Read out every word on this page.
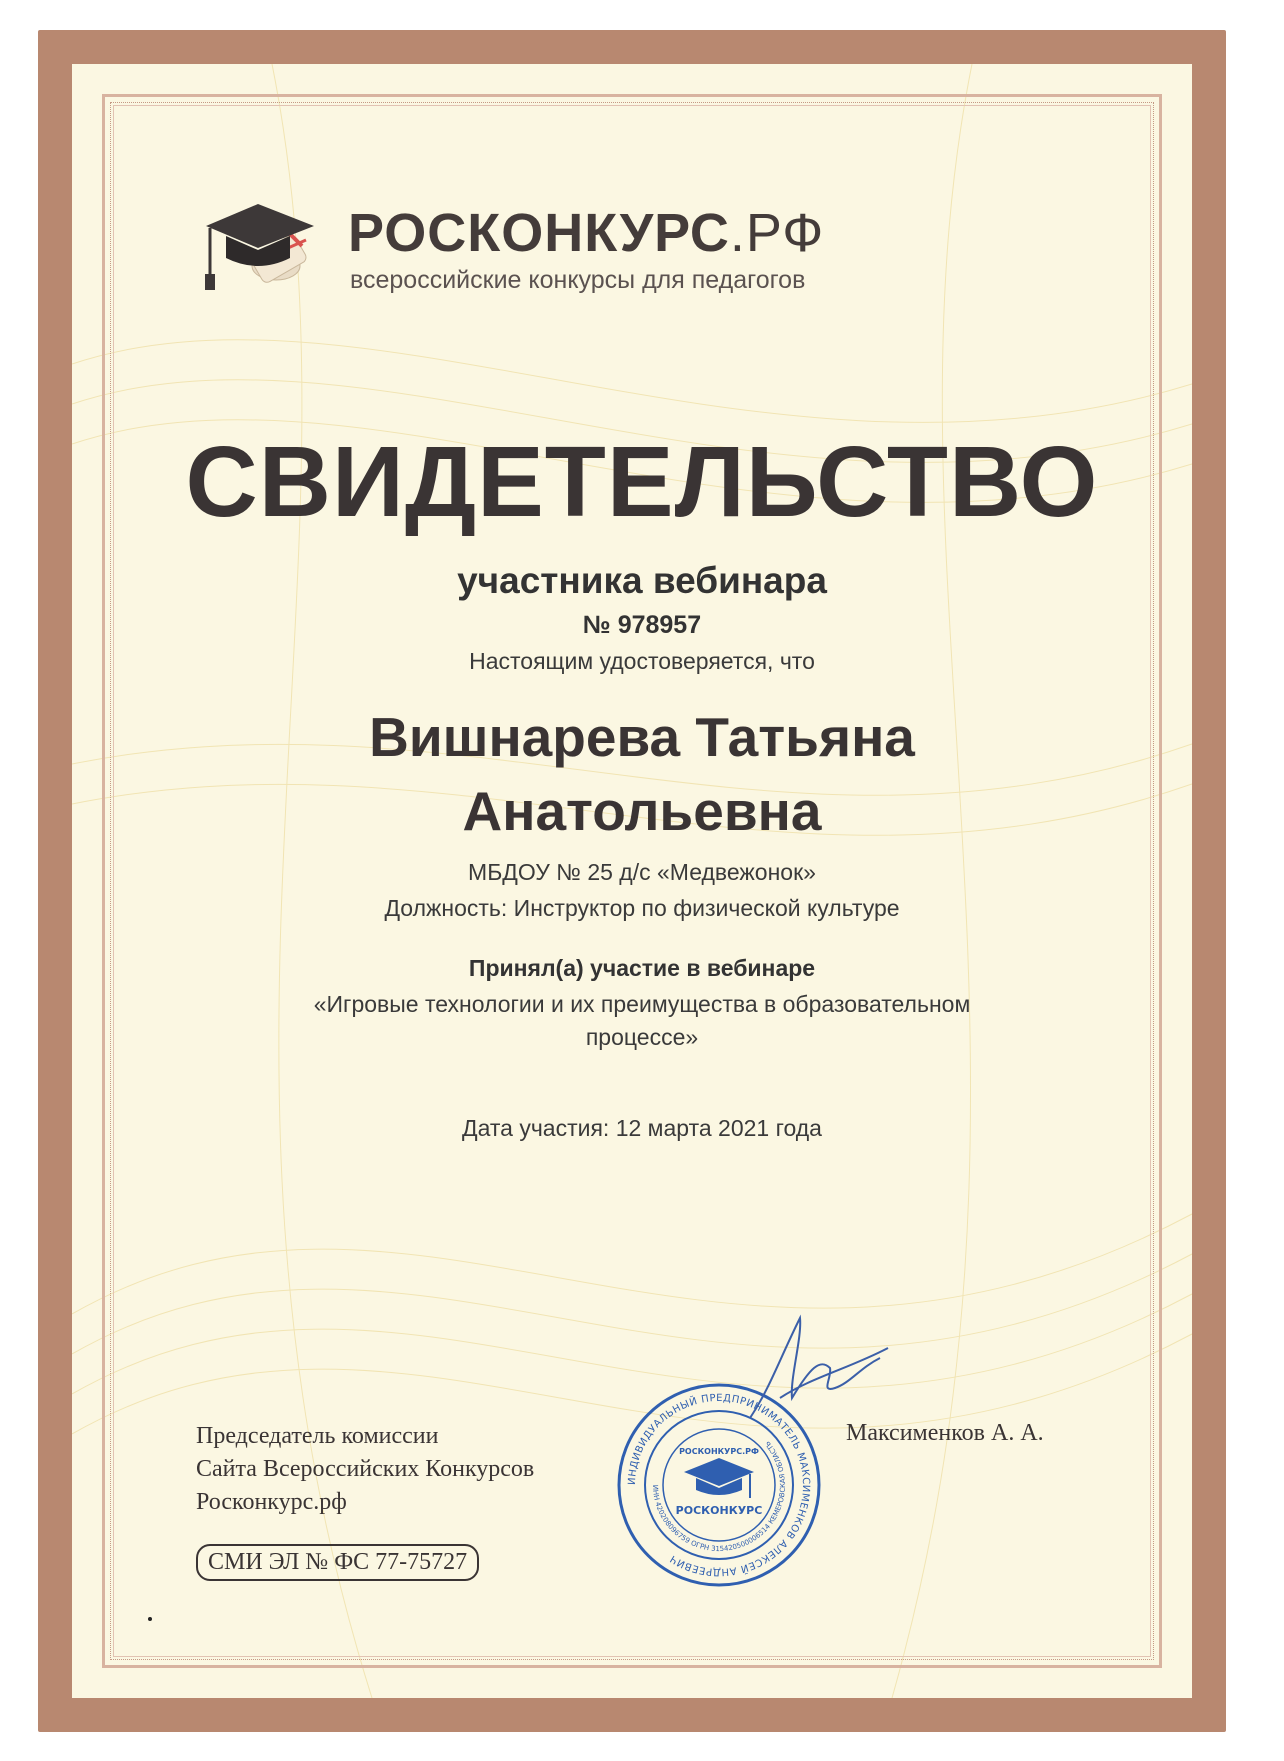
РОСКОНКУРС.РФ
всероссийские конкурсы для педагогов
СВИДЕТЕЛЬСТВО
участника вебинара
№ 978957
Настоящим удостоверяется, что
Вишнарева Татьяна
Анатольевна
МБДОУ № 25 д/с «Медвежонок»
Должность: Инструктор по физической культуре
Принял(а) участие в вебинаре
«Игровые технологии и их преимущества в образовательном процессе»
Дата участия: 12 марта 2021 года
Председатель комиссии
Сайта Всероссийских Конкурсов
Росконкурс.рф
СМИ ЭЛ № ФС 77-75727
Максименков А. А.
ИНДИВИДУАЛЬНЫЙ ПРЕДПРИНИМАТЕЛЬ МАКСИМЕНКОВ АЛЕКСЕЙ АНДРЕЕВИЧ
ИНН 420208096759 ОГРН 315420500006514 КЕМЕРОВСКАЯ ОБЛАСТЬ
РОСКОНКУРС.РФ
РОСКОНКУРС
